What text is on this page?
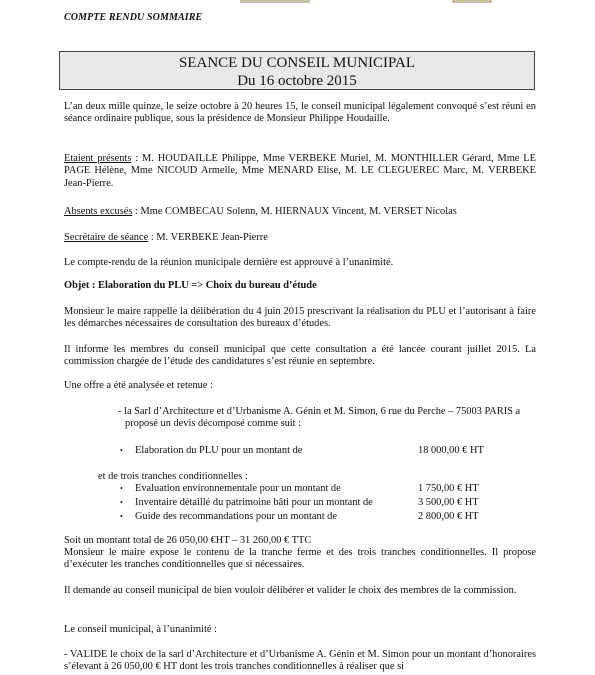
COMPTE RENDU SOMMAIRE
SEANCE DU CONSEIL MUNICIPAL
Du 16 octobre 2015
L’an deux mille quinze, le seize octobre à 20 heures 15, le conseil municipal légalement convoqué s’est réuni en séance ordinaire publique, sous la présidence de Monsieur Philippe Houdaille.
Etaient présents : M. HOUDAILLE Philippe, Mme VERBEKE Muriel, M. MONTHILLER Gérard, Mme LE PAGE Hélène, Mme NICOUD Armelle, Mme MENARD Elise, M. LE CLEGUEREC Marc, M. VERBEKE Jean-Pierre.
Absents excusés : Mme COMBECAU Solenn, M. HIERNAUX Vincent, M. VERSET Nicolas
Secrétaire de séance : M. VERBEKE Jean-Pierre
Le compte-rendu de la réunion municipale dernière est approuvé à l’unanimité.
Objet : Elaboration du PLU => Choix du bureau d’étude
Monsieur le maire rappelle la délibération du 4 juin 2015 prescrivant la réalisation du PLU et l’autorisant à faire les démarches nécessaires de consultation des bureaux d’études.
Il informe les membres du conseil municipal que cette consultation a été lancée courant juillet 2015. La commission chargée de l’étude des candidatures s’est réunie en septembre.
Une offre a été analysée et retenue :
- la Sarl d’Architecture et d’Urbanisme A. Génin et M. Simon, 6 rue du Perche – 75003 PARIS a
proposé un devis décomposé comme suit :
• Elaboration du PLU pour un montant de	18 000,00 € HT
et de trois tranches conditionnelles :
• Evaluation environnementale pour un montant de	1 750,00 € HT
• Inventaire détaillé du patrimoine bâti pour un montant de	3 500,00 € HT
• Guide des recommandations pour un montant de	2 800,00 € HT
Soit un montant total de 26 050,00 €HT – 31 260,00 € TTC
Monsieur le maire expose le contenu de la tranche ferme et des trois tranches conditionnelles. Il propose d’exécuter les tranches conditionnelles que si nécessaires.
Il demande au conseil municipal de bien vouloir délibérer et valider le choix des membres de la commission.
Le conseil municipal, à l’unanimité :
- VALIDE le choix de la sarl d’Architecture et d’Urbanisme A. Génin et M. Simon pour un montant d’honoraires s’élevant à 26 050,00 € HT dont les trois tranches conditionnelles à réaliser que si
